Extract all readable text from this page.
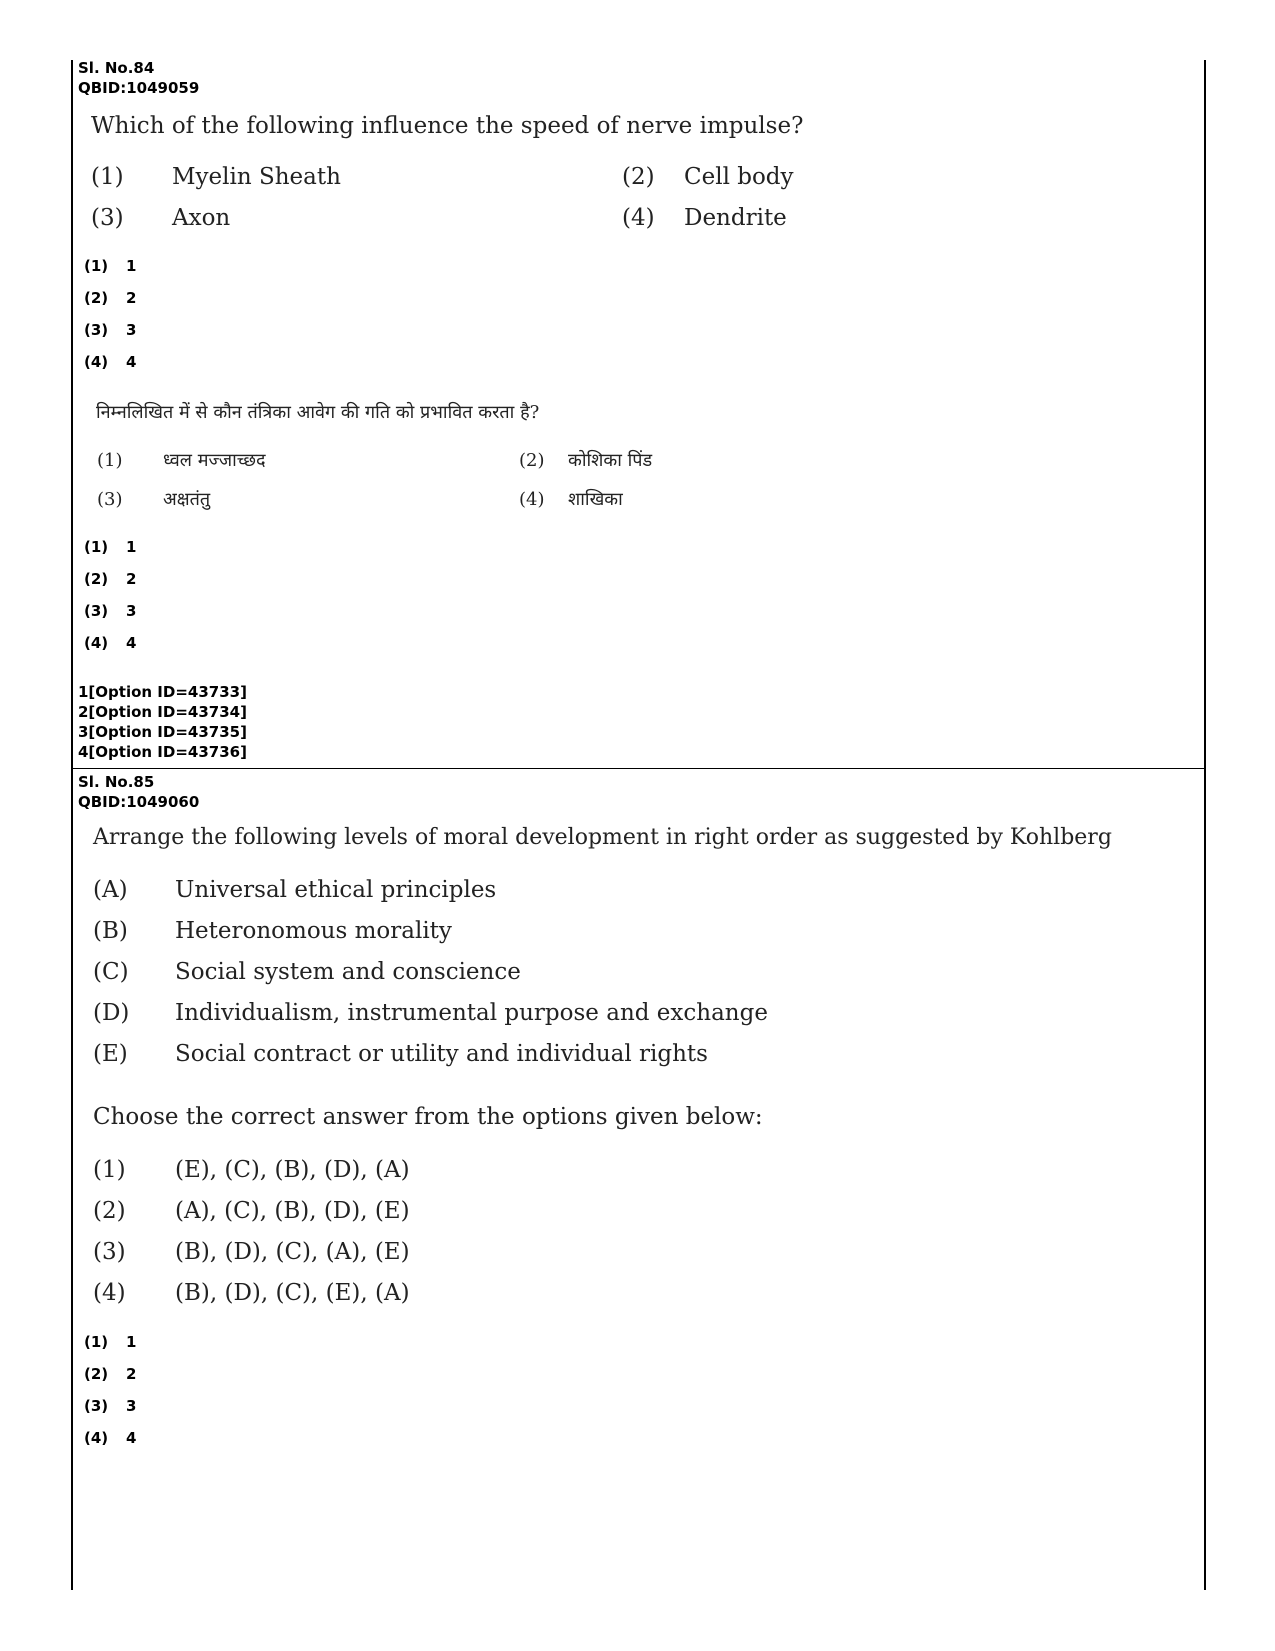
Sl. No.84
QBID:1049059
Which of the following influence the speed of nerve impulse?
(1) Myelin Sheath	(2) Cell body
(3) Axon	(4) Dendrite
(1) 1
(2) 2
(3) 3
(4) 4
निम्नलिखित में से कौन तंत्रिका आवेग की गति को प्रभावित करता है?
(1) ध्वल मज्जाच्छद	(2) कोशिका पिंड
(3) अक्षतंतु	(4) शाखिका
(1) 1
(2) 2
(3) 3
(4) 4
1[Option ID=43733]
2[Option ID=43734]
3[Option ID=43735]
4[Option ID=43736]
Sl. No.85
QBID:1049060
Arrange the following levels of moral development in right order as suggested by Kohlberg
(A) Universal ethical principles
(B) Heteronomous morality
(C) Social system and conscience
(D) Individualism, instrumental purpose and exchange
(E) Social contract or utility and individual rights
Choose the correct answer from the options given below:
(1) (E), (C), (B), (D), (A)
(2) (A), (C), (B), (D), (E)
(3) (B), (D), (C), (A), (E)
(4) (B), (D), (C), (E), (A)
(1) 1
(2) 2
(3) 3
(4) 4
